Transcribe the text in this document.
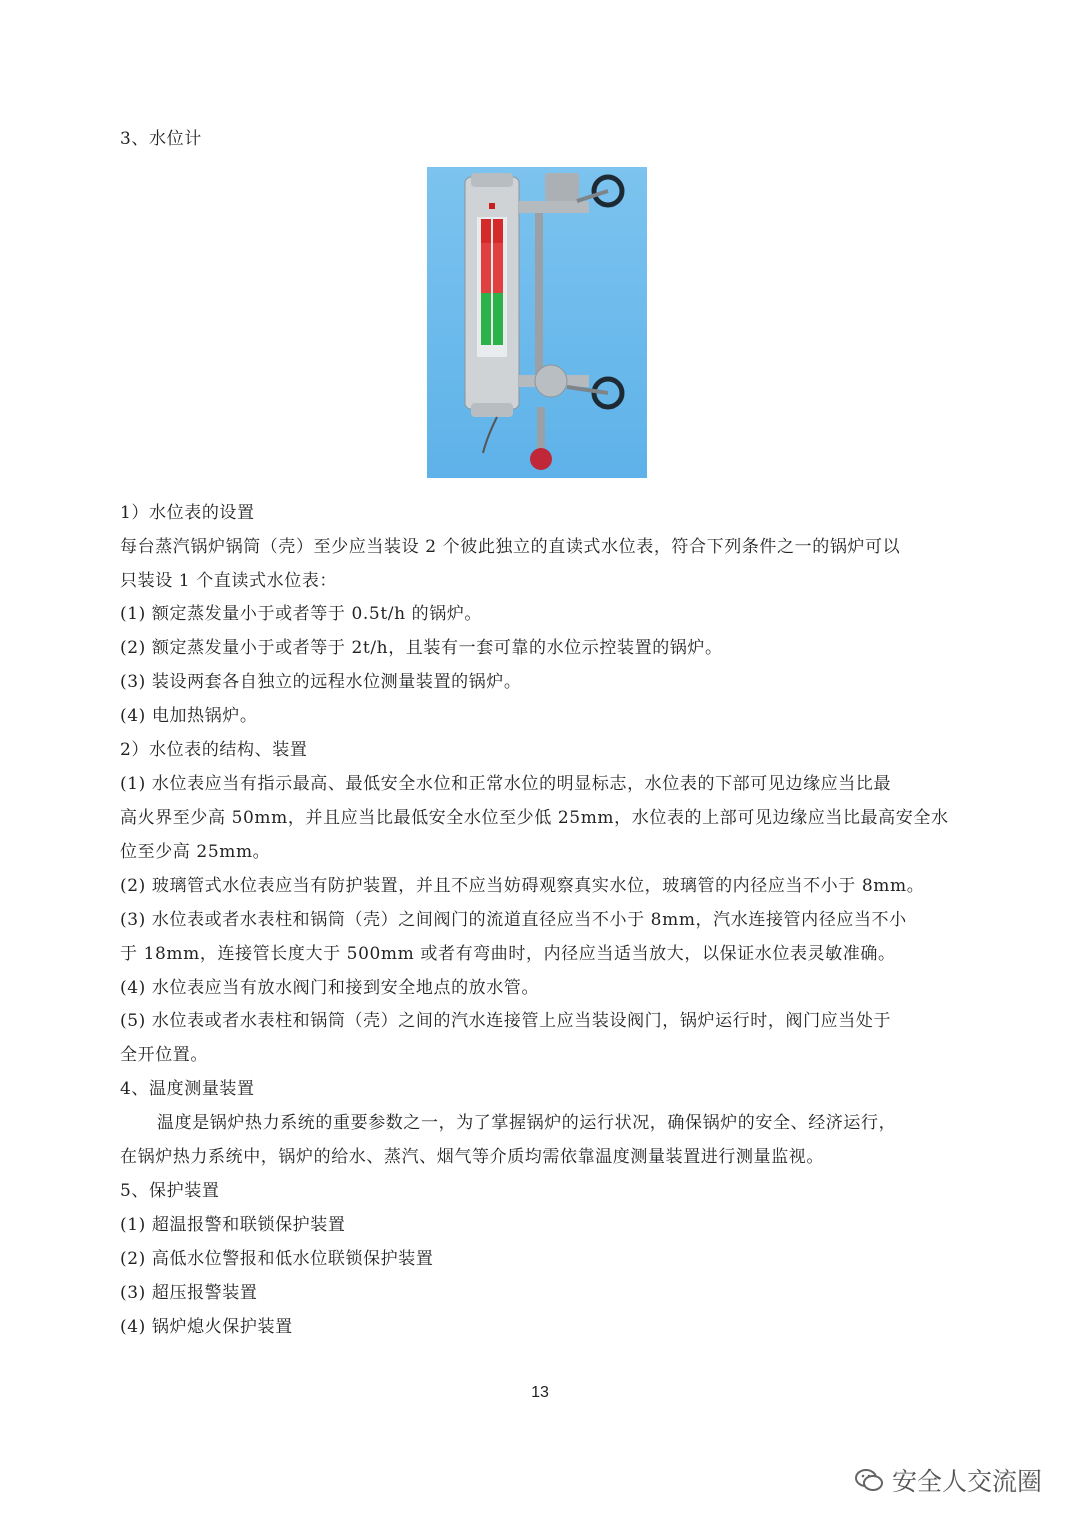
3、水位计
1）水位表的设置
每台蒸汽锅炉锅筒（壳）至少应当装设 2 个彼此独立的直读式水位表，符合下列条件之一的锅炉可以
只装设 1 个直读式水位表：
(1) 额定蒸发量小于或者等于 0.5t/h 的锅炉。
(2) 额定蒸发量小于或者等于 2t/h，且装有一套可靠的水位示控装置的锅炉。
(3) 装设两套各自独立的远程水位测量装置的锅炉。
(4) 电加热锅炉。
2）水位表的结构、装置
(1) 水位表应当有指示最高、最低安全水位和正常水位的明显标志，水位表的下部可见边缘应当比最
高火界至少高 50mm，并且应当比最低安全水位至少低 25mm，水位表的上部可见边缘应当比最高安全水
位至少高 25mm。
(2) 玻璃管式水位表应当有防护装置，并且不应当妨碍观察真实水位，玻璃管的内径应当不小于 8mm。
(3) 水位表或者水表柱和锅筒（壳）之间阀门的流道直径应当不小于 8mm，汽水连接管内径应当不小
于 18mm，连接管长度大于 500mm 或者有弯曲时，内径应当适当放大，以保证水位表灵敏准确。
(4) 水位表应当有放水阀门和接到安全地点的放水管。
(5) 水位表或者水表柱和锅筒（壳）之间的汽水连接管上应当装设阀门，锅炉运行时，阀门应当处于
全开位置。
4、温度测量装置
温度是锅炉热力系统的重要参数之一，为了掌握锅炉的运行状况，确保锅炉的安全、经济运行，
在锅炉热力系统中，锅炉的给水、蒸汽、烟气等介质均需依靠温度测量装置进行测量监视。
5、保护装置
(1) 超温报警和联锁保护装置
(2) 高低水位警报和低水位联锁保护装置
(3) 超压报警装置
(4) 锅炉熄火保护装置
13
安全人交流圈
